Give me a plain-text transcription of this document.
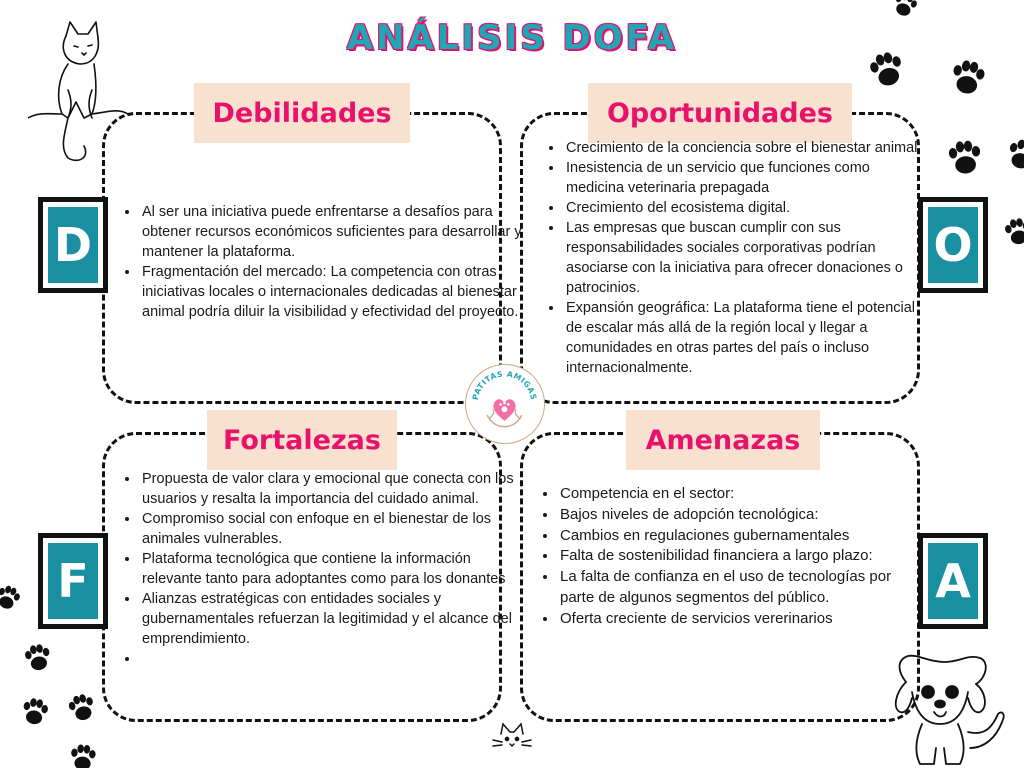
ANÁLISIS DOFA
Debilidades	Oportunidades
Fortalezas	Amenazas
D	O
F	A
• Al ser una iniciativa puede enfrentarse a desafíos para obtener recursos económicos suficientes para desarrollar y mantener la plataforma.
• Fragmentación del mercado: La competencia con otras iniciativas locales o internacionales dedicadas al bienestar animal podría diluir la visibilidad y efectividad del proyecto.
• Crecimiento de la conciencia sobre el bienestar animal
• Inesistencia de un servicio que funciones como medicina veterinaria prepagada
• Crecimiento del ecosistema digital.
• Las empresas que buscan cumplir con sus responsabilidades sociales corporativas podrían asociarse con la iniciativa para ofrecer donaciones o patrocinios.
• Expansión geográfica: La plataforma tiene el potencial de escalar más allá de la región local y llegar a comunidades en otras partes del país o incluso internacionalmente.
• Propuesta de valor clara y emocional que conecta con los usuarios y resalta la importancia del cuidado animal.
• Compromiso social con enfoque en el bienestar de los animales vulnerables.
• Plataforma tecnológica que contiene la información relevante tanto para adoptantes como para los donantes
• Alianzas estratégicas con entidades sociales y gubernamentales refuerzan la legitimidad y el alcance del emprendimiento.
•
• Competencia en el sector:
• Bajos niveles de adopción tecnológica:
• Cambios en regulaciones gubernamentales
• Falta de sostenibilidad financiera a largo plazo:
• La falta de confianza en el uso de tecnologías por parte de algunos segmentos del público.
• Oferta creciente de servicios vererinarios
PATITAS AMIGAS
